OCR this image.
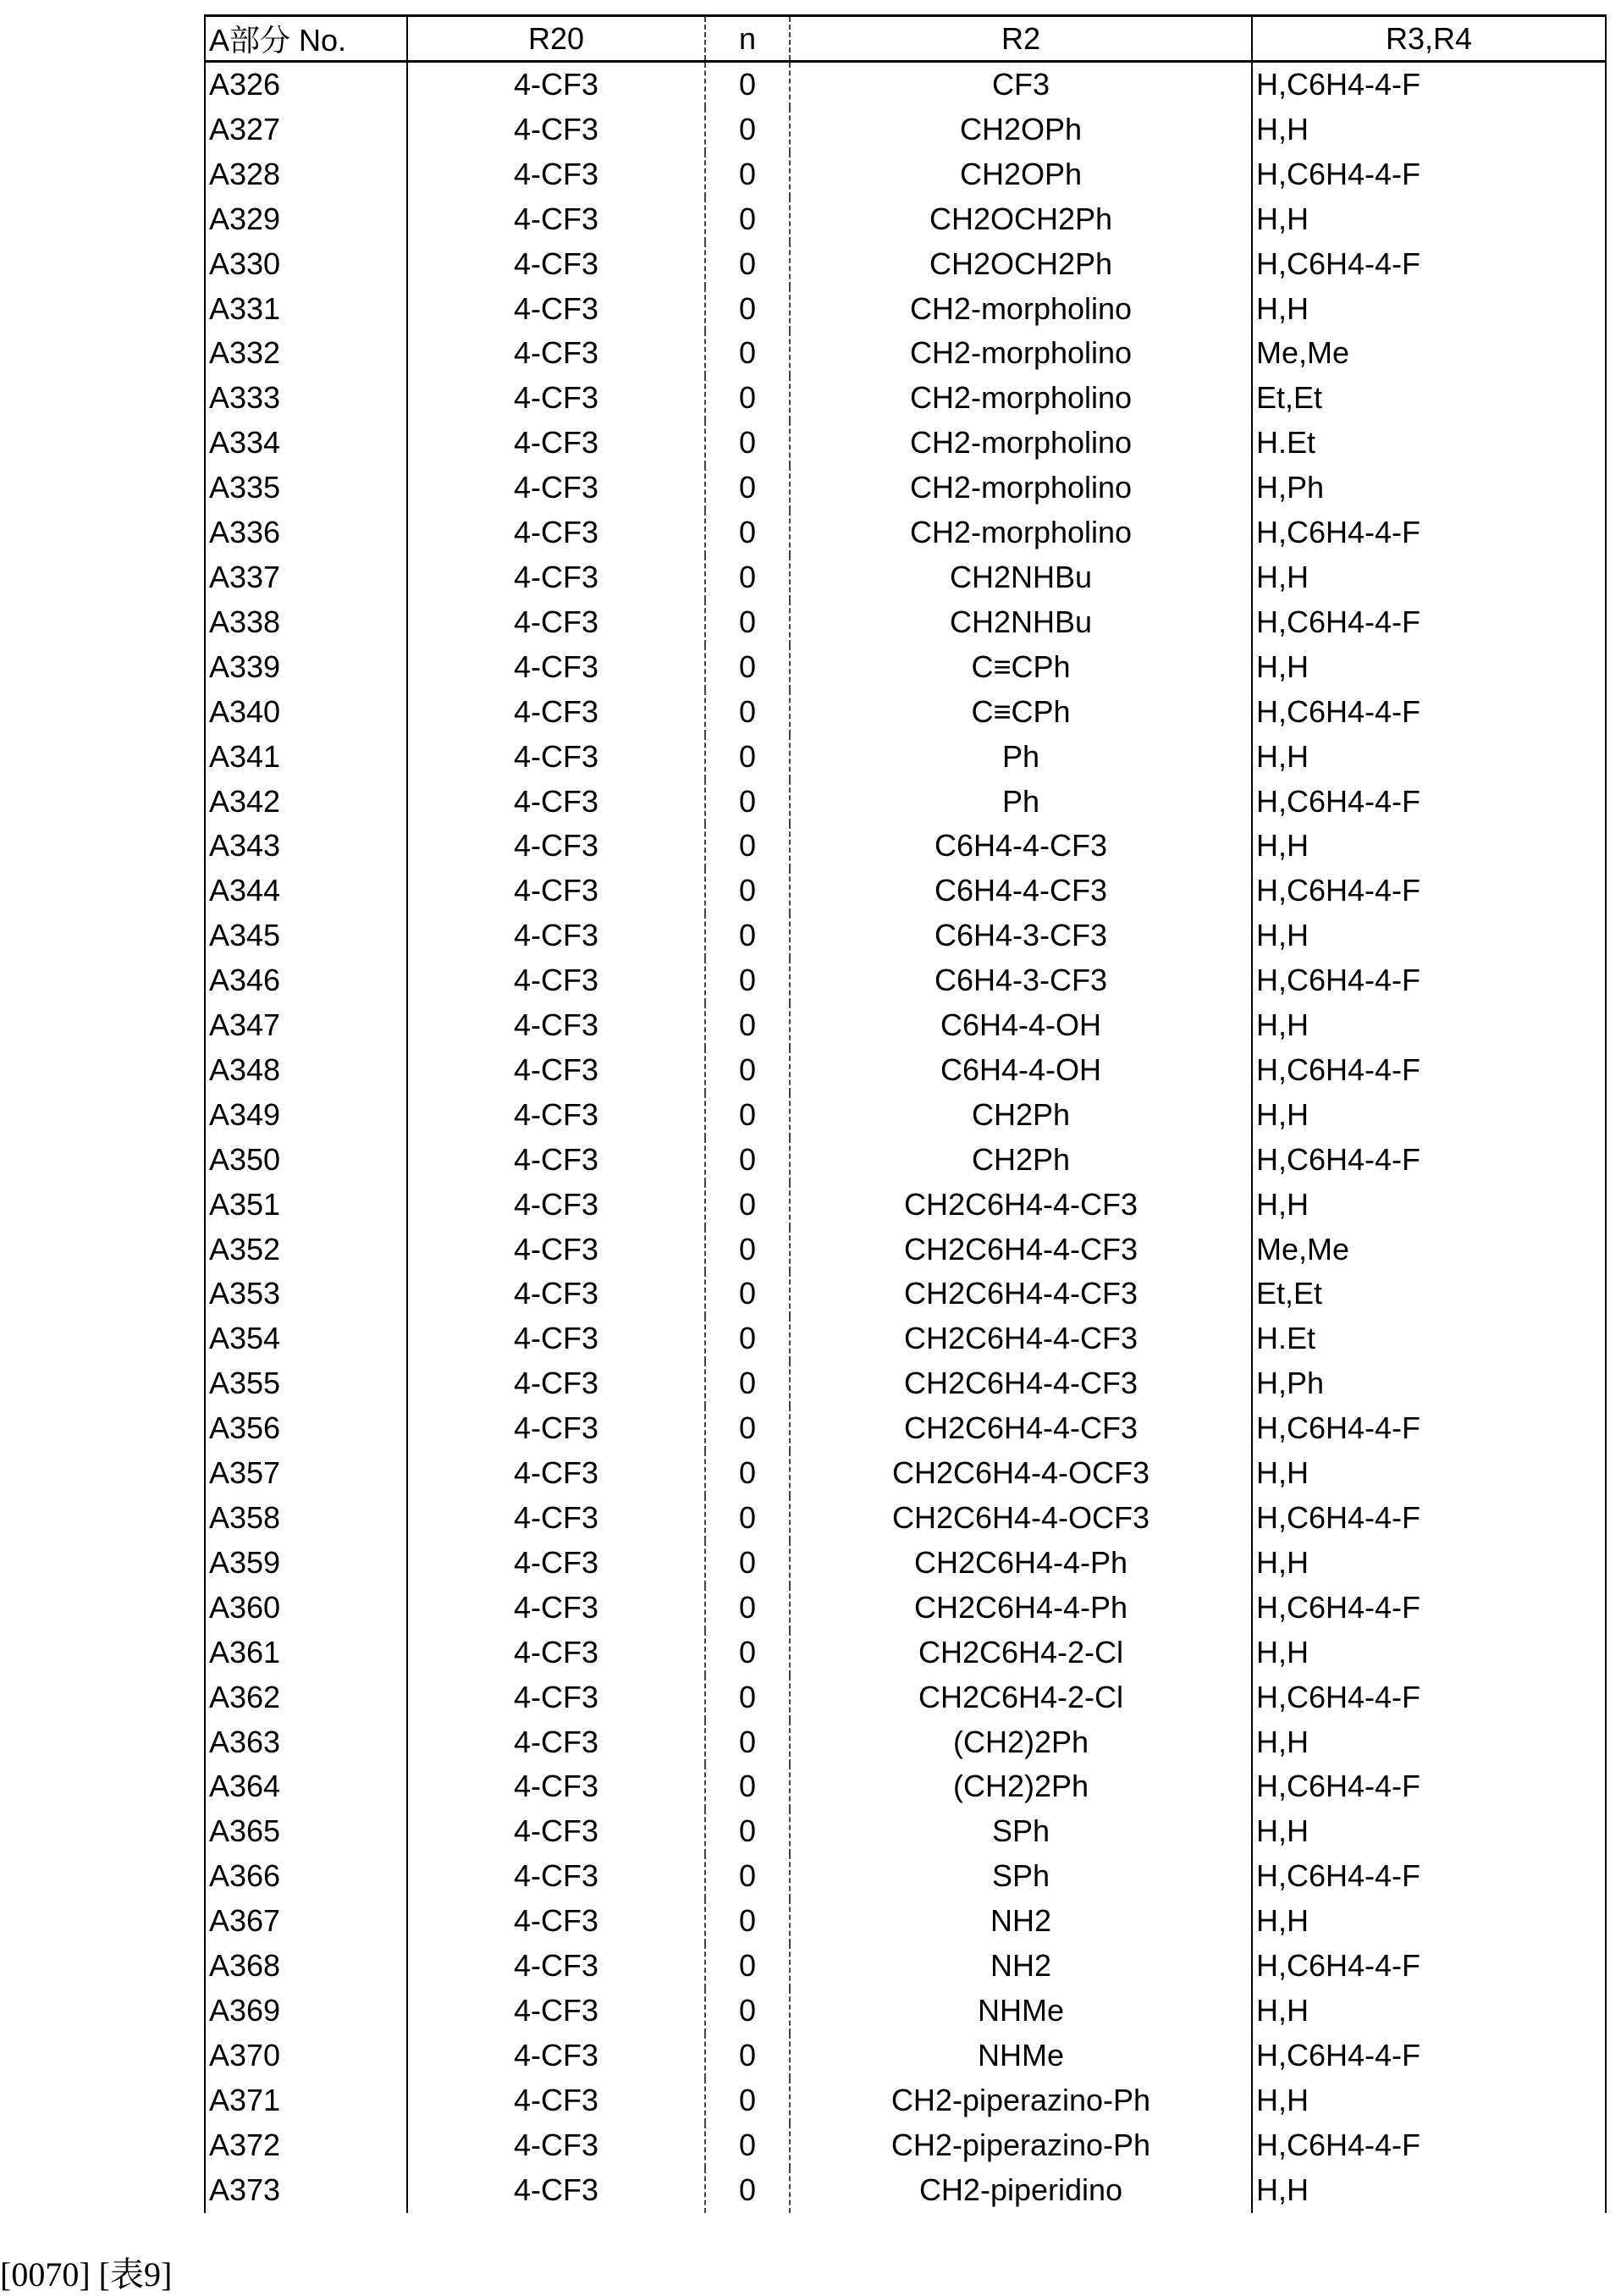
A部分 No.	R20	n	R2	R3,R4
A326	4-CF3	0	CF3	H,C6H4-4-F
A327	4-CF3	0	CH2OPh	H,H
A328	4-CF3	0	CH2OPh	H,C6H4-4-F
A329	4-CF3	0	CH2OCH2Ph	H,H
A330	4-CF3	0	CH2OCH2Ph	H,C6H4-4-F
A331	4-CF3	0	CH2-morpholino	H,H
A332	4-CF3	0	CH2-morpholino	Me,Me
A333	4-CF3	0	CH2-morpholino	Et,Et
A334	4-CF3	0	CH2-morpholino	H.Et
A335	4-CF3	0	CH2-morpholino	H,Ph
A336	4-CF3	0	CH2-morpholino	H,C6H4-4-F
A337	4-CF3	0	CH2NHBu	H,H
A338	4-CF3	0	CH2NHBu	H,C6H4-4-F
A339	4-CF3	0	C≡CPh	H,H
A340	4-CF3	0	C≡CPh	H,C6H4-4-F
A341	4-CF3	0	Ph	H,H
A342	4-CF3	0	Ph	H,C6H4-4-F
A343	4-CF3	0	C6H4-4-CF3	H,H
A344	4-CF3	0	C6H4-4-CF3	H,C6H4-4-F
A345	4-CF3	0	C6H4-3-CF3	H,H
A346	4-CF3	0	C6H4-3-CF3	H,C6H4-4-F
A347	4-CF3	0	C6H4-4-OH	H,H
A348	4-CF3	0	C6H4-4-OH	H,C6H4-4-F
A349	4-CF3	0	CH2Ph	H,H
A350	4-CF3	0	CH2Ph	H,C6H4-4-F
A351	4-CF3	0	CH2C6H4-4-CF3	H,H
A352	4-CF3	0	CH2C6H4-4-CF3	Me,Me
A353	4-CF3	0	CH2C6H4-4-CF3	Et,Et
A354	4-CF3	0	CH2C6H4-4-CF3	H.Et
A355	4-CF3	0	CH2C6H4-4-CF3	H,Ph
A356	4-CF3	0	CH2C6H4-4-CF3	H,C6H4-4-F
A357	4-CF3	0	CH2C6H4-4-OCF3	H,H
A358	4-CF3	0	CH2C6H4-4-OCF3	H,C6H4-4-F
A359	4-CF3	0	CH2C6H4-4-Ph	H,H
A360	4-CF3	0	CH2C6H4-4-Ph	H,C6H4-4-F
A361	4-CF3	0	CH2C6H4-2-Cl	H,H
A362	4-CF3	0	CH2C6H4-2-Cl	H,C6H4-4-F
A363	4-CF3	0	(CH2)2Ph	H,H
A364	4-CF3	0	(CH2)2Ph	H,C6H4-4-F
A365	4-CF3	0	SPh	H,H
A366	4-CF3	0	SPh	H,C6H4-4-F
A367	4-CF3	0	NH2	H,H
A368	4-CF3	0	NH2	H,C6H4-4-F
A369	4-CF3	0	NHMe	H,H
A370	4-CF3	0	NHMe	H,C6H4-4-F
A371	4-CF3	0	CH2-piperazino-Ph	H,H
A372	4-CF3	0	CH2-piperazino-Ph	H,C6H4-4-F
A373	4-CF3	0	CH2-piperidino	H,H
[0070] [表9]
